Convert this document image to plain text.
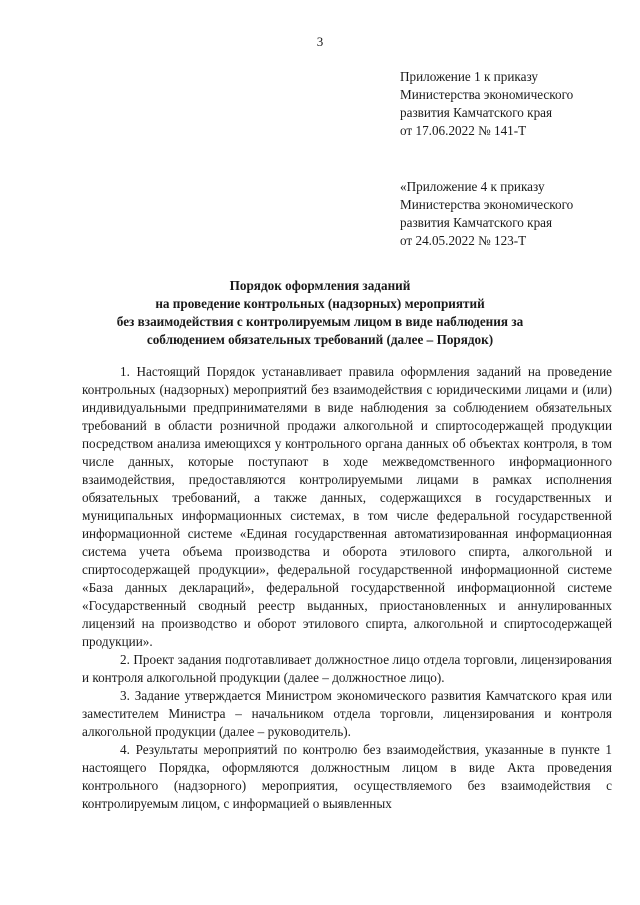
3
Приложение 1 к приказу
Министерства экономического
развития Камчатского края
от 17.06.2022 № 141-Т
«Приложение 4 к приказу
Министерства экономического
развития Камчатского края
от 24.05.2022 № 123-Т
Порядок оформления заданий
на проведение контрольных (надзорных) мероприятий
без взаимодействия с контролируемым лицом в виде наблюдения за
соблюдением обязательных требований (далее – Порядок)

1. Настоящий Порядок устанавливает правила оформления заданий на проведение контрольных (надзорных) мероприятий без взаимодействия с юридическими лицами и (или) индивидуальными предпринимателями в виде наблюдения за соблюдением обязательных требований в области розничной продажи алкогольной и спиртосодержащей продукции посредством анализа имеющихся у контрольного органа данных об объектах контроля, в том числе данных, которые поступают в ходе межведомственного информационного взаимодействия, предоставляются контролируемыми лицами в рамках исполнения обязательных требований, а также данных, содержащихся в государственных и муниципальных информационных системах, в том числе федеральной государственной информационной системе «Единая государственная автоматизированная информационная система учета объема производства и оборота этилового спирта, алкогольной и спиртосодержащей продукции», федеральной государственной информационной системе «База данных деклараций», федеральной государственной информационной системе «Государственный сводный реестр выданных, приостановленных и аннулированных лицензий на производство и оборот этилового спирта, алкогольной и спиртосодержащей продукции».

2. Проект задания подготавливает должностное лицо отдела торговли, лицензирования и контроля алкогольной продукции (далее – должностное лицо).

3. Задание утверждается Министром экономического развития Камчатского края или заместителем Министра – начальником отдела торговли, лицензирования и контроля алкогольной продукции (далее – руководитель).

4. Результаты мероприятий по контролю без взаимодействия, указанные в пункте 1 настоящего Порядка, оформляются должностным лицом в виде Акта проведения контрольного (надзорного) мероприятия, осуществляемого без взаимодействия с контролируемым лицом, с информацией о выявленных
